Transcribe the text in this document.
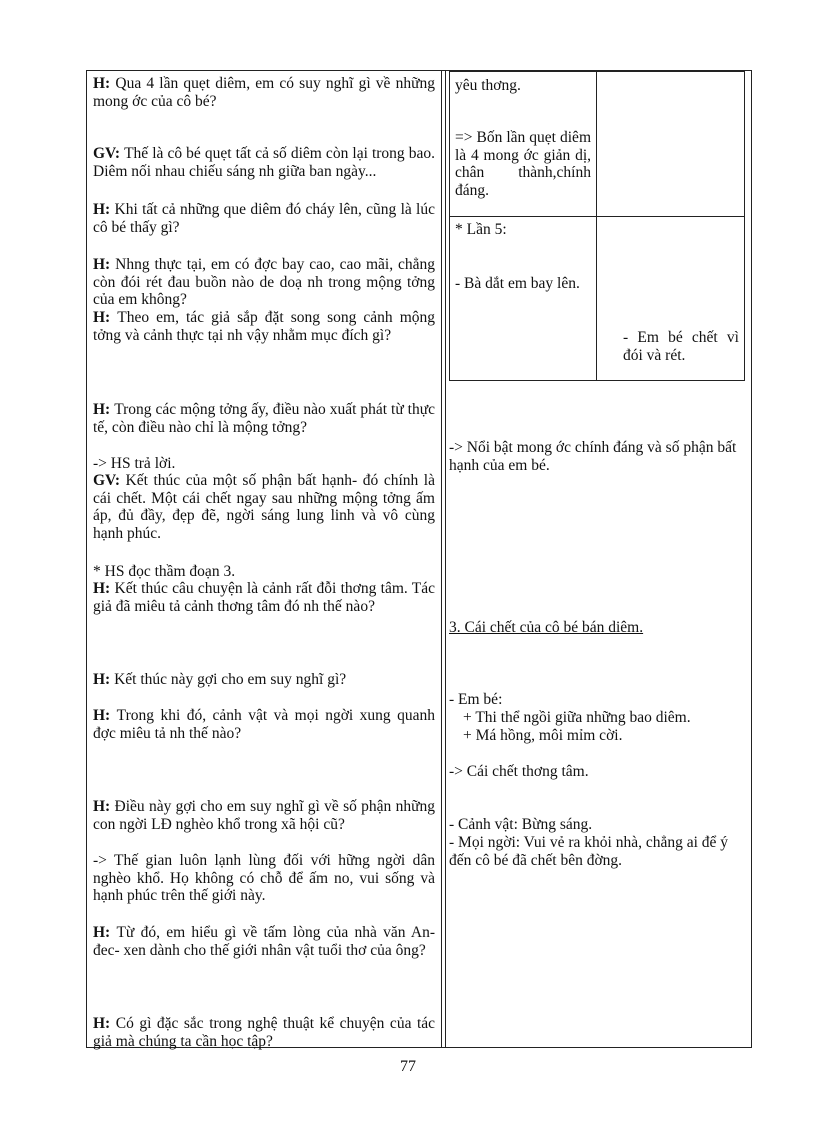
H: Qua 4 lần quẹt diêm, em có suy nghĩ gì về những mong ớc của cô bé?
GV: Thế là cô bé quẹt tất cả số diêm còn lại trong bao. Diêm nối nhau chiếu sáng nh giữa ban ngày...
H: Khi tất cả những que diêm đó cháy lên, cũng là lúc cô bé thấy gì?
H: Nhng thực tại, em có đợc bay cao, cao mãi, chẳng còn đói rét đau buồn nào de doạ nh trong mộng tởng của em không?
H: Theo em, tác giả sắp đặt song song cảnh mộng tởng và cảnh thực tại nh vậy nhằm mục đích gì?
H: Trong các mộng tởng ấy, điều nào xuất phát từ thực tế, còn điều nào chỉ là mộng tởng?
-> HS trả lời.
GV: Kết thúc của một số phận bất hạnh- đó chính là cái chết. Một cái chết ngay sau những mộng tởng ấm áp, đủ đầy, đẹp đẽ, ngời sáng lung linh và vô cùng hạnh phúc.
* HS đọc thầm đoạn 3.
H: Kết thúc câu chuyện là cảnh rất đỗi thơng tâm. Tác giả đã miêu tả cảnh thơng tâm đó nh thế nào?
H: Kết thúc này gợi cho em suy nghĩ gì?
H: Trong khi đó, cảnh vật và mọi ngời xung quanh đợc miêu tả nh thế nào?
H: Điều này gợi cho em suy nghĩ gì về số phận những con ngời LĐ nghèo khổ trong xã hội cũ?
-> Thế gian luôn lạnh lùng đối với hững ngời dân nghèo khổ. Họ không có chỗ để ấm no, vui sống và hạnh phúc trên thế giới này.
H: Từ đó, em hiểu gì về tấm lòng của nhà văn An- đec- xen dành cho thế giới nhân vật tuổi thơ của ông?
H: Có gì đặc sắc trong nghệ thuật kể chuyện của tác giả mà chúng ta cần học tập?
yêu thơng.
=> Bốn lần quẹt diêm là 4 mong ớc giản dị, chân thành,chính đáng.
* Lần 5:
- Bà dắt em bay lên.
- Em bé chết vì đói và rét.
-> Nổi bật mong ớc chính đáng và số phận bất hạnh của em bé.
3. Cái chết của cô bé bán diêm.
- Em bé:
+ Thi thể ngồi giữa những bao diêm.
+ Má hồng, môi mỉm cời.
-> Cái chết thơng tâm.
- Cảnh vật: Bừng sáng.
- Mọi ngời: Vui vẻ ra khỏi nhà, chẳng ai để ý đến cô bé đã chết bên đờng.
77
